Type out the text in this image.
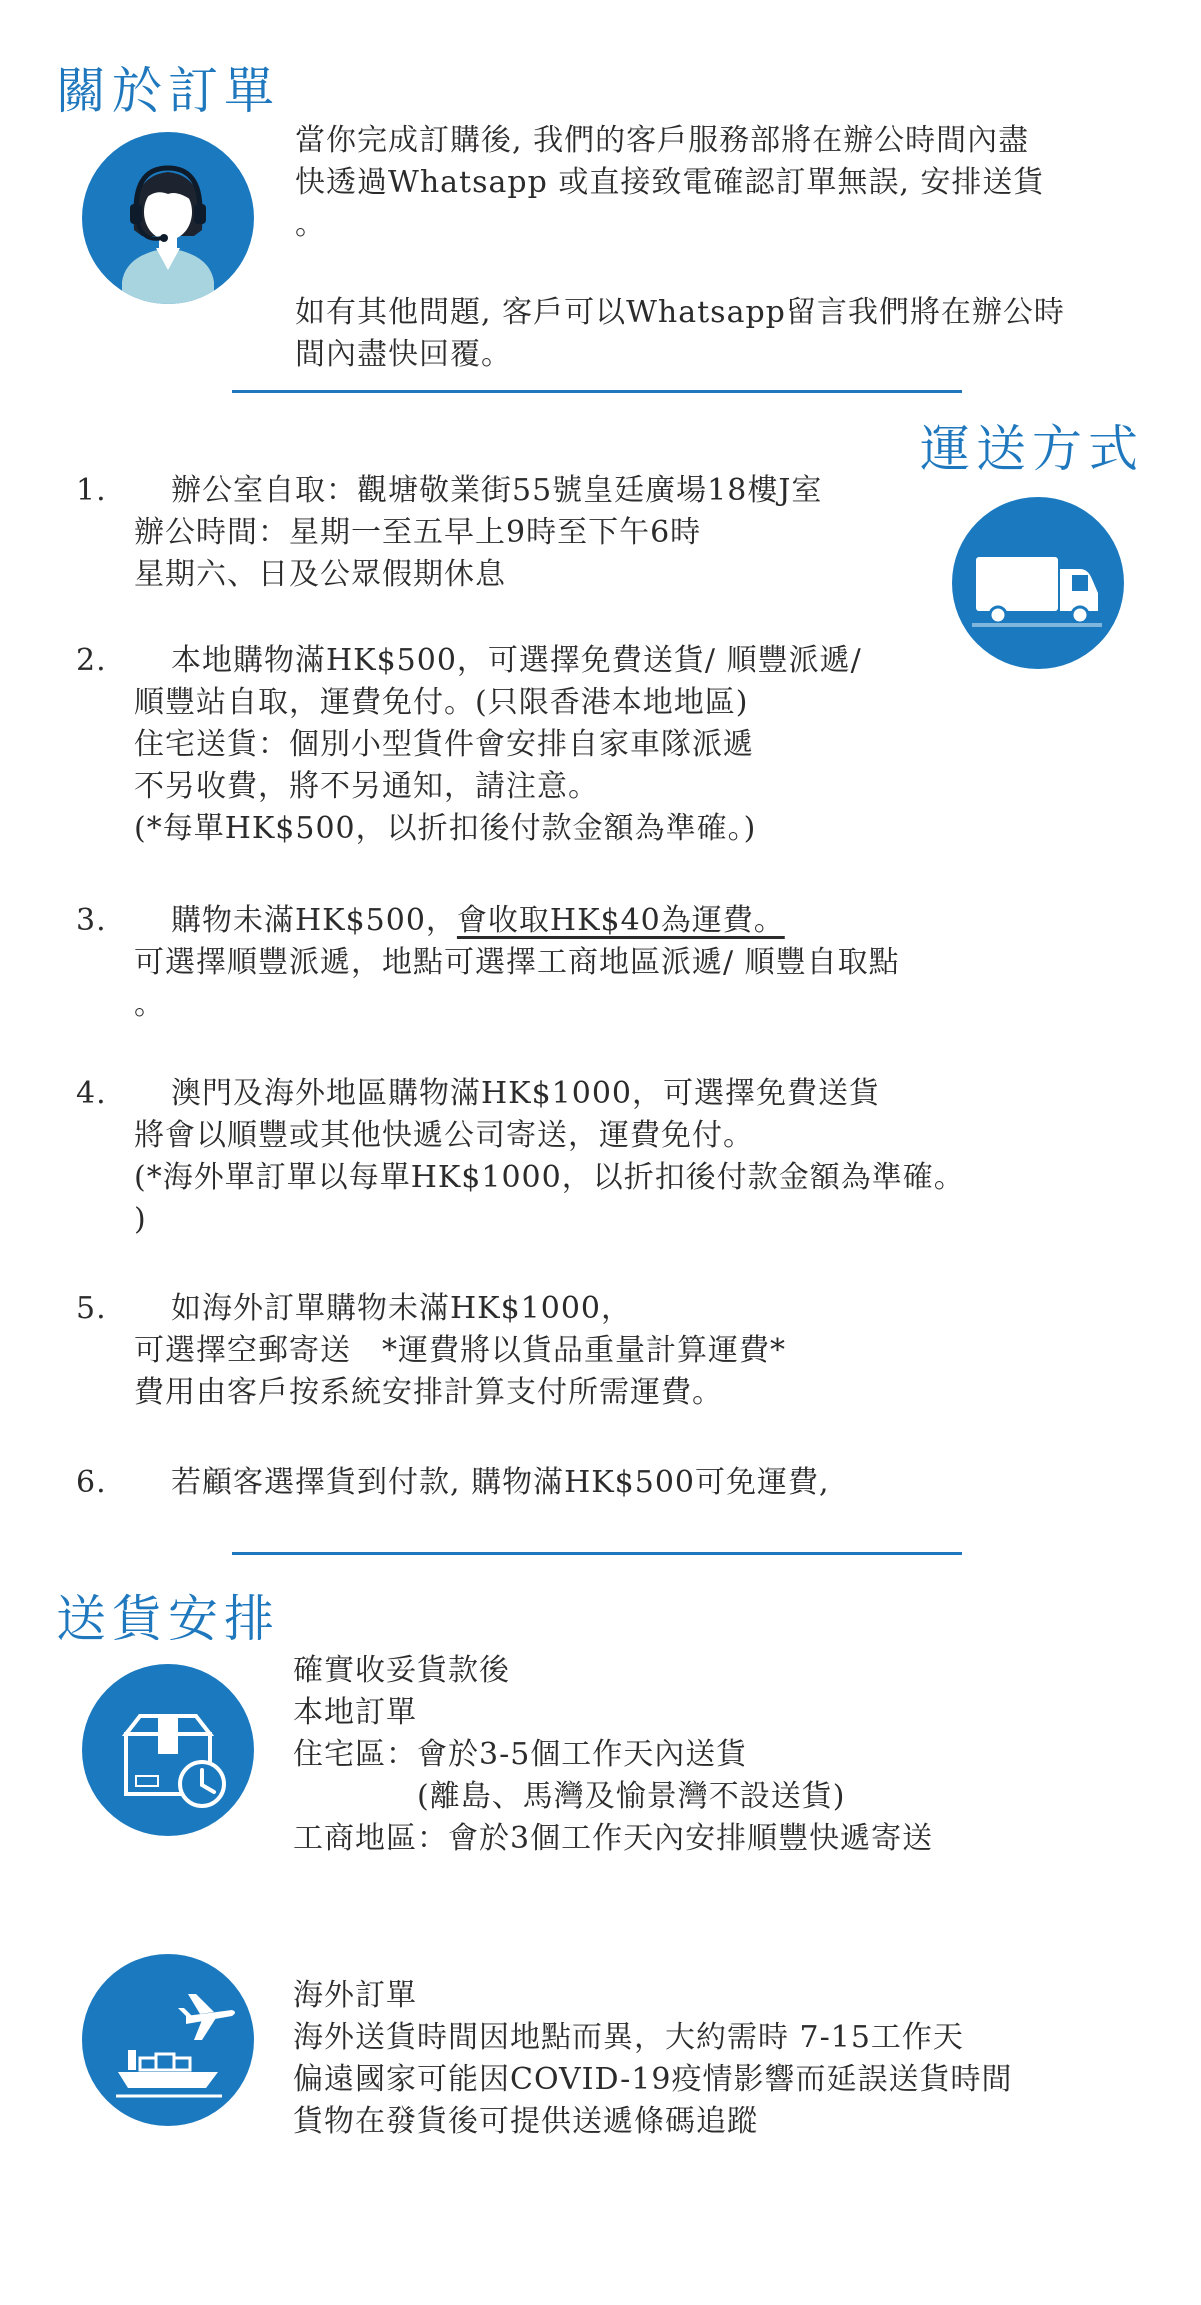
關於訂單
當你完成訂購後, 我們的客戶服務部將在辦公時間內盡
快透過Whatsapp 或直接致電確認訂單無誤, 安排送貨
。
如有其他問題, 客戶可以Whatsapp留言我們將在辦公時
間內盡快回覆。
運送方式
1.	辦公室自取：觀塘敬業街55號皇廷廣場18樓J室
辦公時間：星期一至五早上9時至下午6時
星期六、日及公眾假期休息
2.	本地購物滿HK$500，可選擇免費送貨/ 順豐派遞/
順豐站自取，運費免付。(只限香港本地地區)
住宅送貨：個別小型貨件會安排自家車隊派遞
不另收費，將不另通知，請注意。
(*每單HK$500，以折扣後付款金額為準確。)
3.	購物未滿HK$500，會收取HK$40為運費。
可選擇順豐派遞，地點可選擇工商地區派遞/ 順豐自取點
。
4.	澳門及海外地區購物滿HK$1000，可選擇免費送貨
將會以順豐或其他快遞公司寄送，運費免付。
(*海外單訂單以每單HK$1000，以折扣後付款金額為準確。
)
5.	如海外訂單購物未滿HK$1000，
可選擇空郵寄送　*運費將以貨品重量計算運費*
費用由客戶按系統安排計算支付所需運費。
6.	若顧客選擇貨到付款, 購物滿HK$500可免運費,
送貨安排
確實收妥貨款後
本地訂單
住宅區：會於3-5個工作天內送貨
　　　　(離島、馬灣及愉景灣不設送貨)
工商地區：會於3個工作天內安排順豐快遞寄送
海外訂單
海外送貨時間因地點而異，大約需時 7-15工作天
偏遠國家可能因COVID-19疫情影響而延誤送貨時間
貨物在發貨後可提供送遞條碼追蹤
